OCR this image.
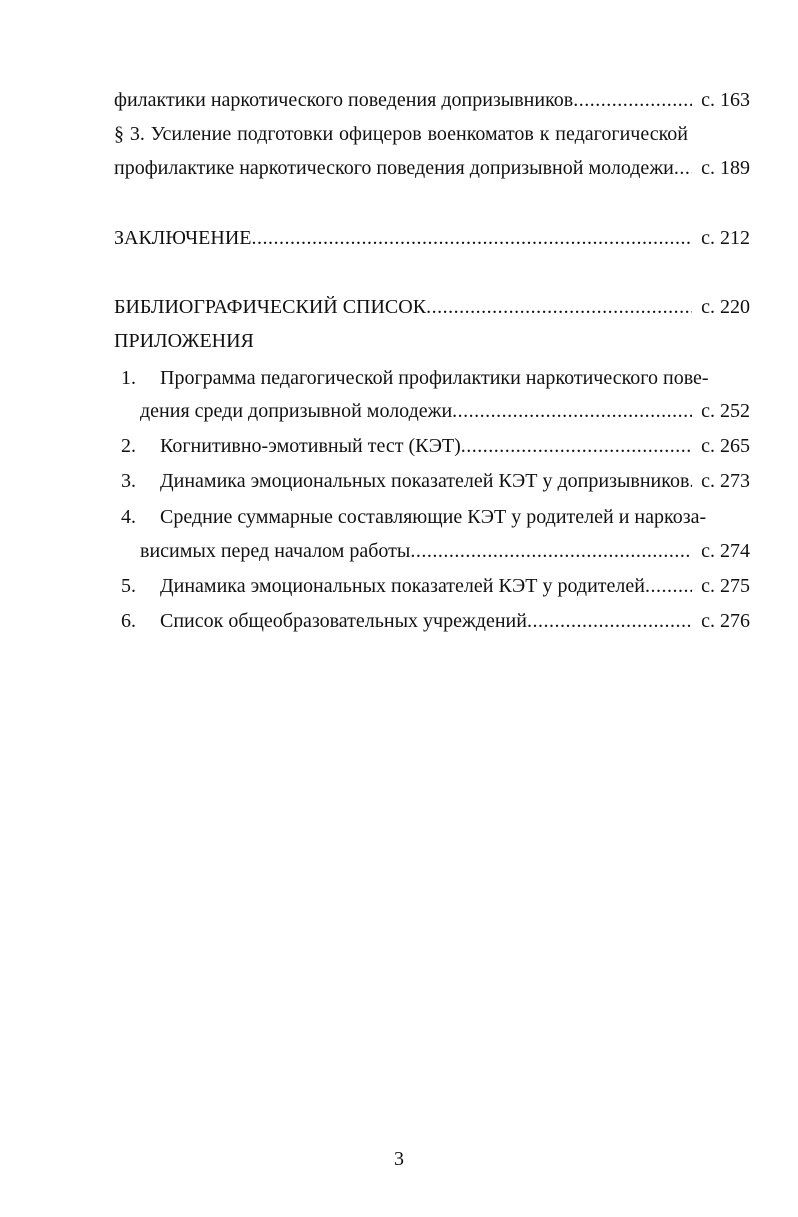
филактики наркотического поведения допризывников .....	с. 163
§ 3. Усиление подготовки офицеров военкоматов к педагогической
профилактике наркотического поведения допризывной молодежи .....	с. 189
ЗАКЛЮЧЕНИЕ .....	с. 212
БИБЛИОГРАФИЧЕСКИЙ СПИСОК .....	с. 220
ПРИЛОЖЕНИЯ
1. Программа педагогической профилактики наркотического пове-
дения среди допризывной молодежи .....	с. 252
2. Когнитивно-эмотивный тест (КЭТ) .....	с. 265
3. Динамика эмоциональных показателей КЭТ у допризывников ..... с. 273
4. Средние суммарные составляющие КЭТ у родителей и наркоза-
висимых перед началом работы .....	с. 274
5. Динамика эмоциональных показателей КЭТ у родителей .....	с. 275
6. Список общеобразовательных учреждений .....	с. 276
3
